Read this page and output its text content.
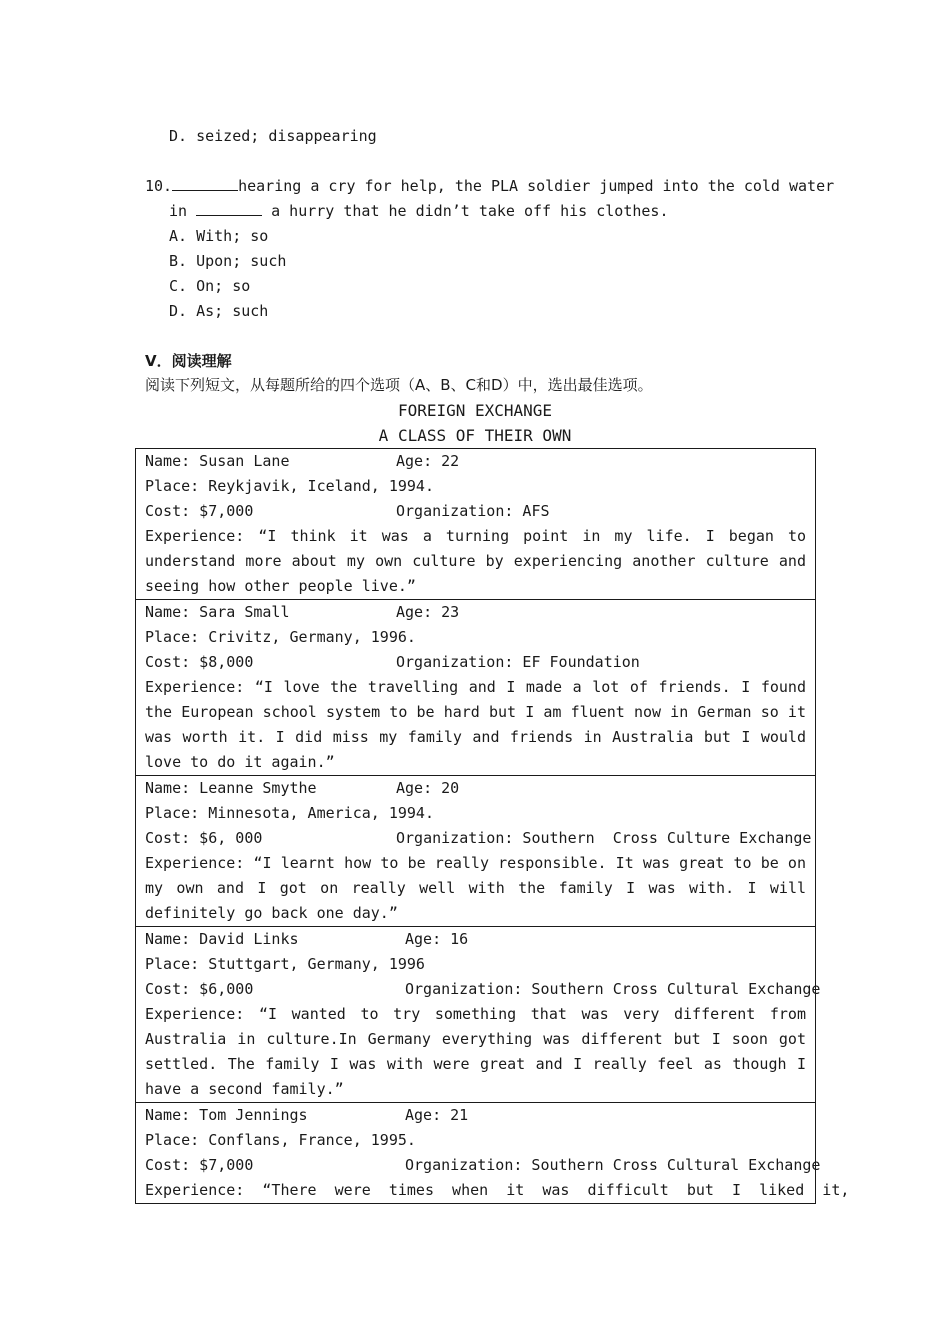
D. seized; disappearing
10.	hearing a cry for help, the PLA soldier jumped into the cold water
in	a hurry that he didn’t take off his clothes.
A. With; so
B. Upon; such
C. On; so
D. As; such
V．阅读理解
阅读下列短文，从每题所给的四个选项（A、B、C和D）中，选出最佳选项。
FOREIGN EXCHANGE
A CLASS OF THEIR OWN
Name: Susan Lane	Age: 22
Place: Reykjavik, Iceland, 1994.
Cost: $7,000	Organization: AFS
Experience: “I think it was a turning point in my life. I began to understand more about my own culture by experiencing another culture and seeing how other people live.”

Name: Sara Small	Age: 23
Place: Crivitz, Germany, 1996.
Cost: $8,000	Organization: EF Foundation
Experience: “I love the travelling and I made a lot of friends. I found the European school system to be hard but I am fluent now in German so it was worth it. I did miss my family and friends in Australia but I would love to do it again.”

Name: Leanne Smythe	Age: 20
Place: Minnesota, America, 1994.
Cost: $6, 000	Organization: Southern  Cross Culture Exchange
Experience: “I learnt how to be really responsible. It was great to be on my own and I got on really well with the family I was with. I will definitely go back one day.”

Name: David Links	Age: 16
Place: Stuttgart, Germany, 1996
Cost: $6,000	Organization: Southern Cross Cultural Exchange
Experience: “I wanted to try something that was very different from Australia in culture.In Germany everything was different but I soon got settled. The family I was with were great and I really feel as though I have a second family.”

Name: Tom Jennings	Age: 21
Place: Conflans, France, 1995.
Cost: $7,000	Organization: Southern Cross Cultural Exchange
Experience:  “There  were  times  when  it  was  difficult  but  I  liked  it,
